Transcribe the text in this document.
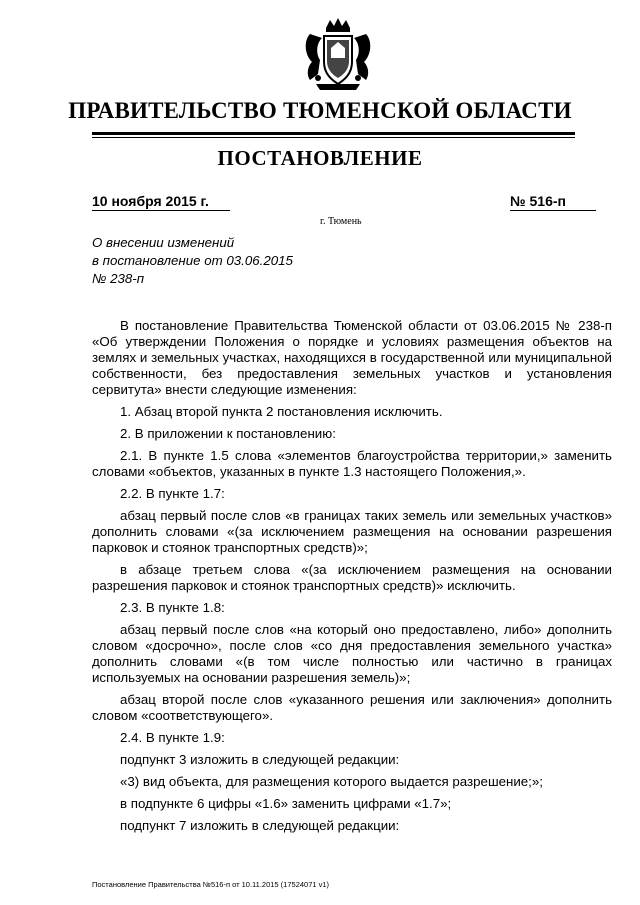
ПРАВИТЕЛЬСТВО ТЮМЕНСКОЙ ОБЛАСТИ
ПОСТАНОВЛЕНИЕ
10 ноября 2015 г.	№ 516-п
г. Тюмень
О внесении изменений
в постановление от 03.06.2015
№ 238-п

В постановление Правительства Тюменской области от 03.06.2015 № 238-п «Об утверждении Положения о порядке и условиях размещения объектов на землях и земельных участках, находящихся в государственной или муниципальной собственности, без предоставления земельных участков и установления сервитута» внести следующие изменения:

1. Абзац второй пункта 2 постановления исключить.

2. В приложении к постановлению:

2.1. В пункте 1.5 слова «элементов благоустройства территории,» заменить словами «объектов, указанных в пункте 1.3 настоящего Положения,».

2.2. В пункте 1.7:

абзац первый после слов «в границах таких земель или земельных участков» дополнить словами «(за исключением размещения на основании разрешения парковок и стоянок транспортных средств)»;

в абзаце третьем слова «(за исключением размещения на основании разрешения парковок и стоянок транспортных средств)» исключить.

2.3. В пункте 1.8:

абзац первый после слов «на который оно предоставлено, либо» дополнить словом «досрочно», после слов «со дня предоставления земельного участка» дополнить словами «(в том числе полностью или частично в границах используемых на основании разрешения земель)»;

абзац второй после слов «указанного решения или заключения» дополнить словом «соответствующего».

2.4. В пункте 1.9:

подпункт 3 изложить в следующей редакции:

«3) вид объекта, для размещения которого выдается разрешение;»;

в подпункте 6 цифры «1.6» заменить цифрами «1.7»;

подпункт 7 изложить в следующей редакции:

Постановление Правительства №516-п от 10.11.2015 (17524071 v1)
